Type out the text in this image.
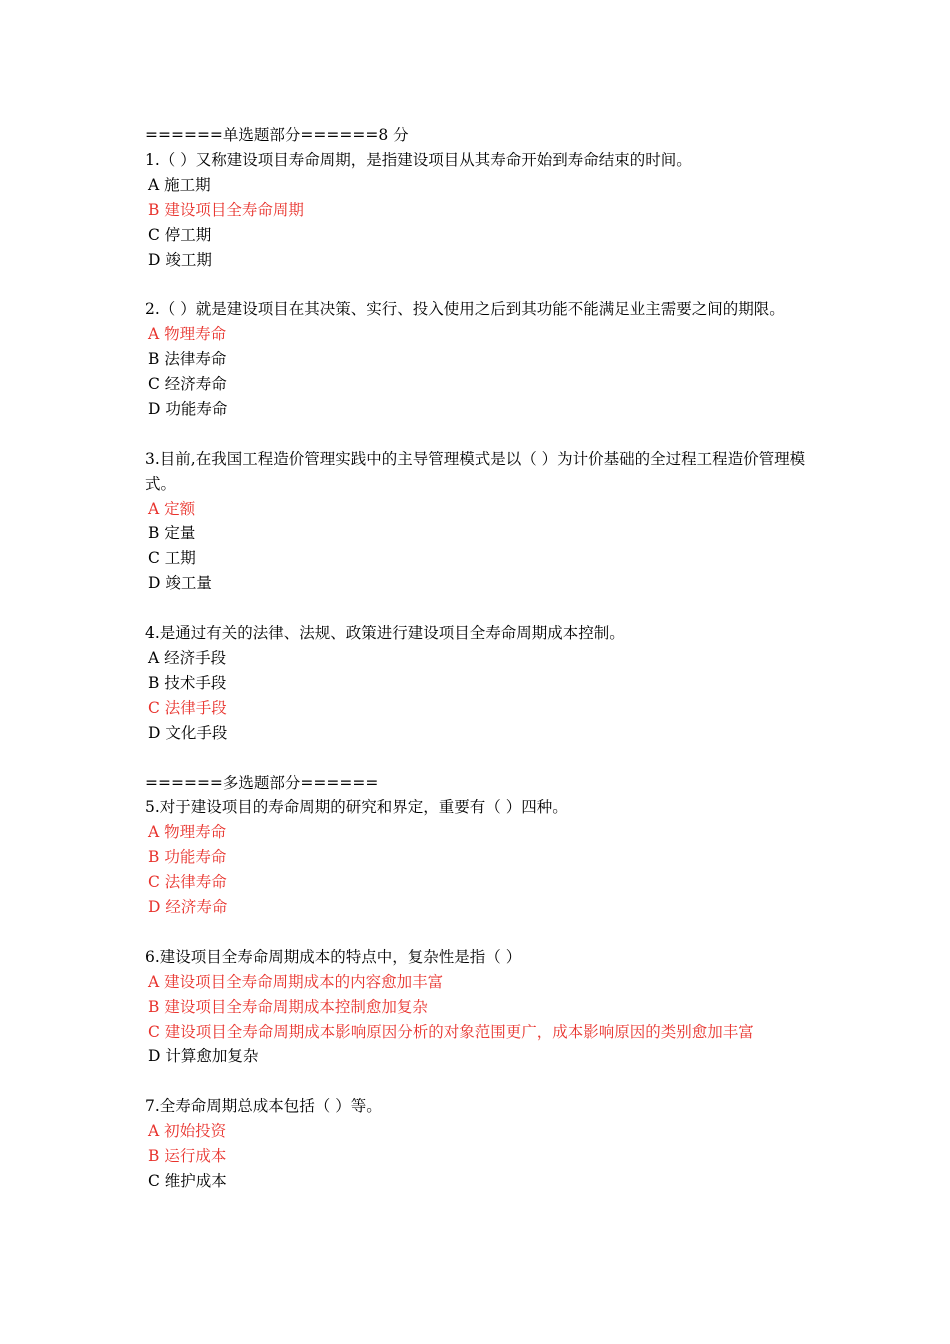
======单选题部分======8 分
1.（ ）又称建设项目寿命周期，是指建设项目从其寿命开始到寿命结束的时间。
A 施工期
B 建设项目全寿命周期
C 停工期
D 竣工期
2.（ ）就是建设项目在其决策、实行、投入使用之后到其功能不能满足业主需要之间的期限。
A 物理寿命
B 法律寿命
C 经济寿命
D 功能寿命
3.目前,在我国工程造价管理实践中的主导管理模式是以（ ）为计价基础的全过程工程造价管理模式。
A 定额
B 定量
C 工期
D 竣工量
4.是通过有关的法律、法规、政策进行建设项目全寿命周期成本控制。
A 经济手段
B 技术手段
C 法律手段
D 文化手段
======多选题部分======
5.对于建设项目的寿命周期的研究和界定，重要有（ ）四种。
A 物理寿命
B 功能寿命
C 法律寿命
D 经济寿命
6.建设项目全寿命周期成本的特点中，复杂性是指（ ）
A 建设项目全寿命周期成本的内容愈加丰富
B 建设项目全寿命周期成本控制愈加复杂
C 建设项目全寿命周期成本影响原因分析的对象范围更广，成本影响原因的类别愈加丰富
D 计算愈加复杂
7.全寿命周期总成本包括（ ）等。
A 初始投资
B 运行成本
C 维护成本
